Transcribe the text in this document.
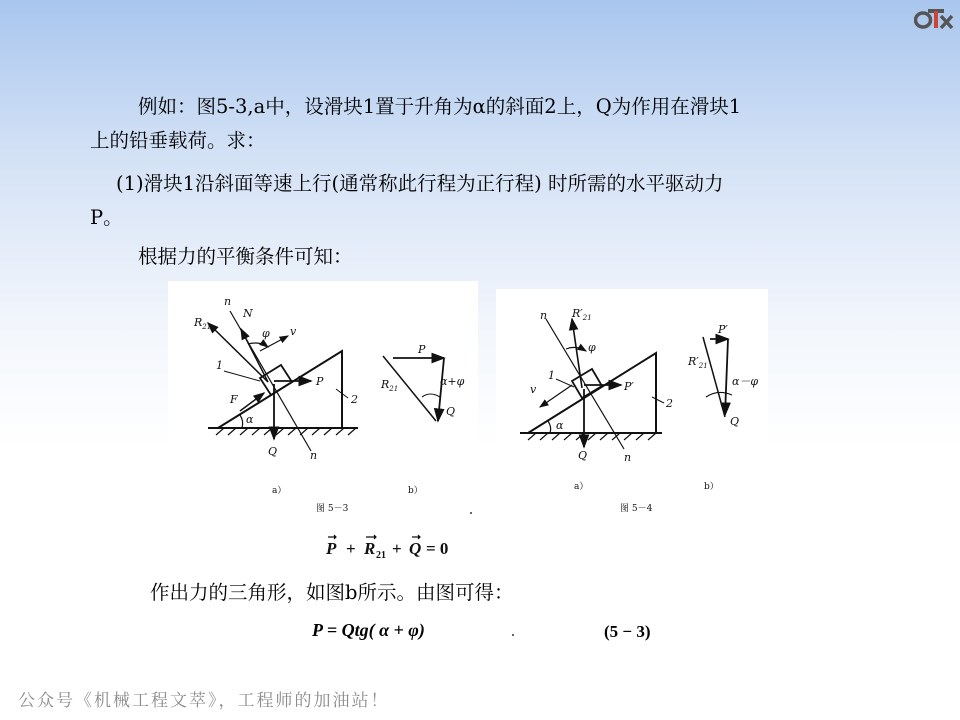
例如：图5-3,a中，设滑块1置于升角为α的斜面2上，Q为作用在滑块1

上的铅垂载荷。求：

(1)滑块1沿斜面等速上行(通常称此行程为正行程) 时所需的水平驱动力

P。

根据力的平衡条件可知：

n
$R_{21}$
N
φ v
1
F
P
2
α
Q	n
P
$R_{21}$
α+φ
Q
a）	b）
图 5－3
n $R'_{21}$
φ
1
v	P′
2
α
Q	n
P′
$R'_{21}$
α－φ
Q
a）	b）
图 5－4
P + R 21 + Q = 0

作出力的三角形，如图b所示。由图可得：

P = Qtg( α + φ)	(5 − 3)
公众号《机械工程文萃》，工程师的加油站！
